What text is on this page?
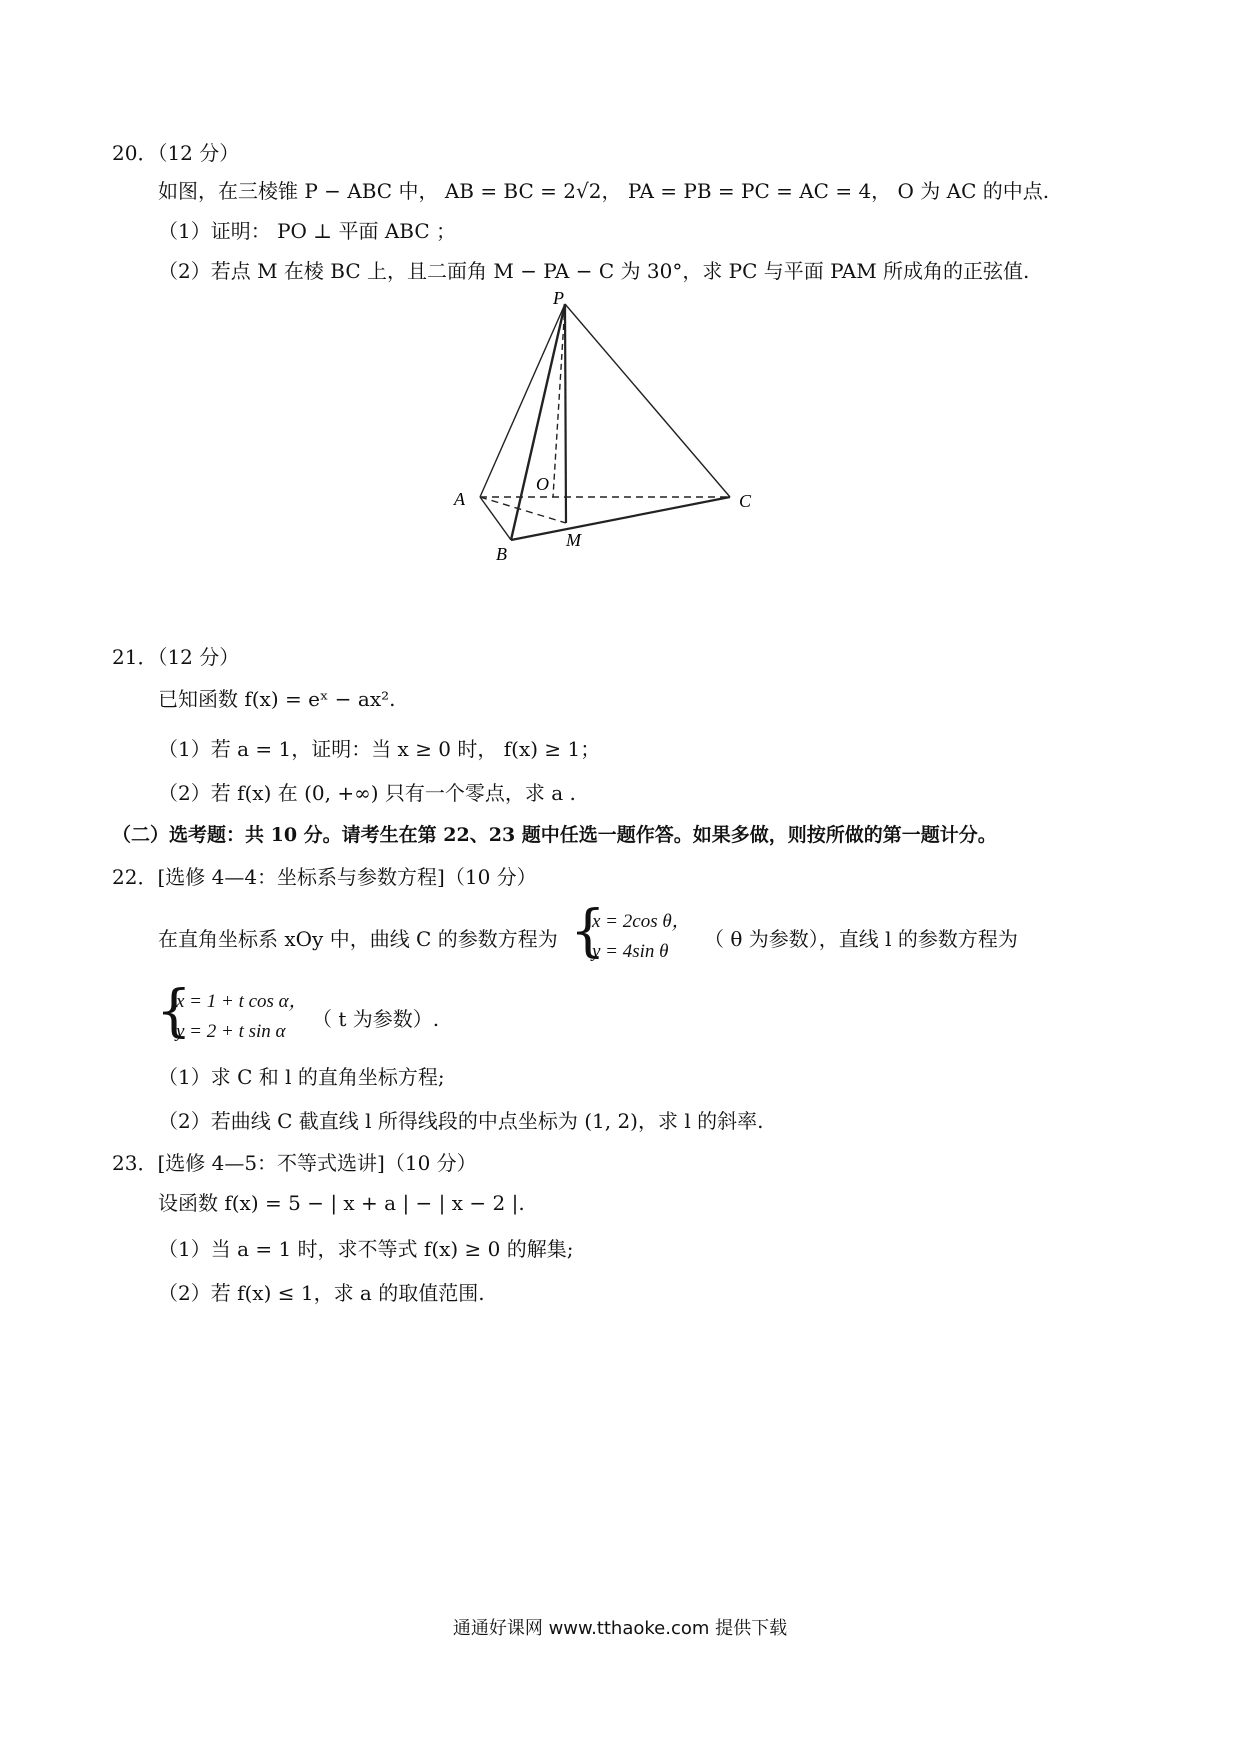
20．（12 分）
如图，在三棱锥 P − ABC 中， AB = BC = 2√2， PA = PB = PC = AC = 4， O 为 AC 的中点.
（1）证明： PO ⊥ 平面 ABC ；
（2）若点 M 在棱 BC 上，且二面角 M − PA − C 为 30°，求 PC 与平面 PAM 所成角的正弦值.
P
A
B
C
O
M
21．（12 分）
已知函数 f(x) = eˣ − ax².
（1）若 a = 1，证明：当 x ≥ 0 时， f(x) ≥ 1；
（2）若 f(x) 在 (0, +∞) 只有一个零点，求 a .
（二）选考题：共 10 分。请考生在第 22、23 题中任选一题作答。如果多做，则按所做的第一题计分。
22．[选修 4—4：坐标系与参数方程]（10 分）
在直角坐标系 xOy 中，曲线 C 的参数方程为 {
x = 2cos θ，
y = 4sin θ
（ θ 为参数），直线 l 的参数方程为
{
x = 1 + t cos α，
y = 2 + t sin α
（ t 为参数）.
（1）求 C 和 l 的直角坐标方程;
（2）若曲线 C 截直线 l 所得线段的中点坐标为 (1, 2)，求 l 的斜率.
23．[选修 4—5：不等式选讲]（10 分）
设函数 f(x) = 5 − | x + a | − | x − 2 |.
（1）当 a = 1 时，求不等式 f(x) ≥ 0 的解集;
（2）若 f(x) ≤ 1，求 a 的取值范围.
通通好课网 www.tthaoke.com 提供下载
